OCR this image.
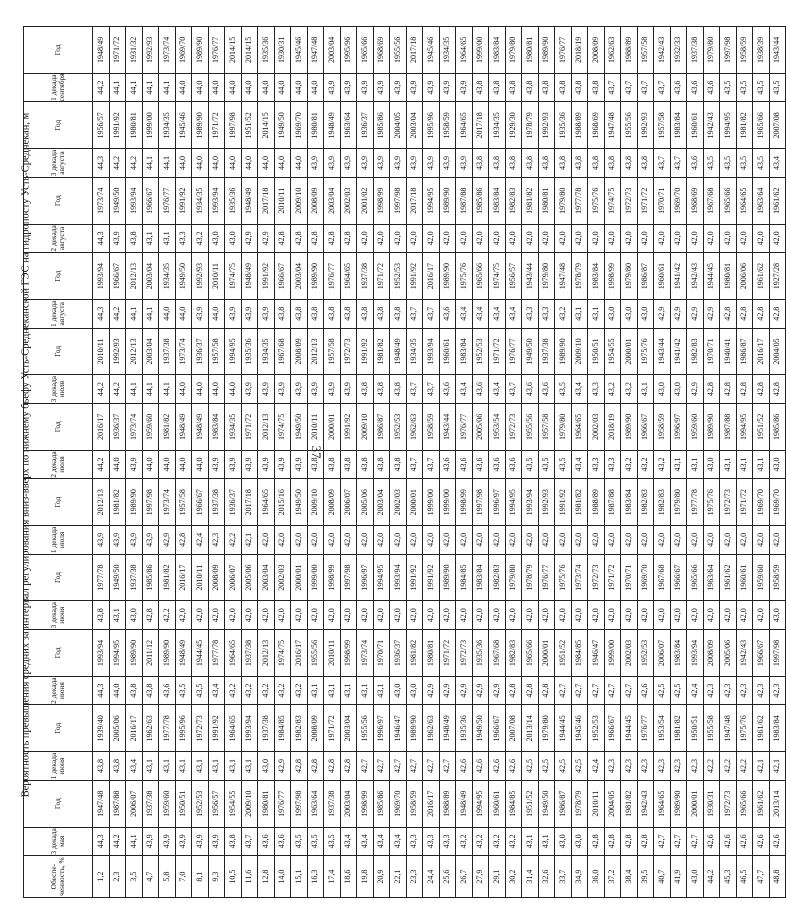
37
Вероятность превышения средних за интервал регулирования вниз-вверх по нижнему бьефу Усть-Среднеканской ГЭС на гидропосту Усть-Среднекан, м
Обеспе- ченность, %	3 декада мая	Год	1 декада июня	Год	2 декада июня	Год	3 декада июня	Год	1 декада июля	Год	2 декада июля	Год	3 декада июля	Год	1 декада августа	Год	2 декада августа	Год	3 декада августа	Год	1 декада сентября	Год
1,2	44,3	1947/48	43,8	1939/40	44,3	1993/94	43,8	1977/78	43,9	2012/13	44,2	2016/17	44,2	2010/11	44,3	1993/94	44,3	1973/74	44,3	1956/57	44,2	1948/49
2,3	44,2	1987/88	43,8	2005/06	44,0	1994/95	43,1	1949/50	43,9	1981/82	44,0	1936/37	44,2	1992/93	44,2	1966/67	43,9	1949/50	44,2	1991/92	44,1	1971/72
3,5	44,1	2006/07	43,4	2016/17	43,8	1989/90	43,0	1937/38	43,9	1989/90	43,9	1973/74	44,1	2012/13	44,1	2012/13	43,8	1993/94	44,2	1980/81	44,1	1931/32
4,7	43,9	1937/38	43,1	1962/63	43,8	2011/12	42,8	1985/86	43,9	1997/98	44,0	1959/60	44,1	2003/04	44,1	2003/04	43,1	1966/67	44,1	1999/00	44,1	1992/93
5,8	43,9	1959/60	43,1	1977/78	43,6	1989/90	42,2	1981/82	42,9	1973/74	44,0	1981/82	44,1	1937/38	44,0	1934/35	43,1	1976/77	44,1	1934/35	44,1	1973/74
7,0	43,9	1950/51	43,1	1995/96	43,5	1948/49	42,0	2016/17	42,8	1957/58	44,0	1948/49	44,0	1973/74	44,0	1949/50	43,3	1991/92	44,0	1945/46	44,0	1969/70
8,1	43,9	1952/53	43,1	1972/73	43,5	1944/45	42,0	2010/11	42,4	1966/67	44,0	1948/49	44,0	1936/37	43,9	1992/93	43,2	1934/35	44,0	1989/90	44,0	1989/90
9,3	43,9	1956/57	43,1	1991/92	43,4	1977/78	42,0	2008/09	42,3	1937/38	43,9	1983/84	44,0	1957/58	44,0	2010/11	43,0	1993/94	44,0	1971/72	44,0	1976/77
10,5	43,8	1954/55	43,1	1964/65	43,2	1964/65	42,0	2006/07	42,2	1936/37	43,9	1934/35	44,0	1994/95	43,9	1974/75	43,0	1935/36	44,0	1997/98	44,0	2014/15
11,6	43,7	2009/10	43,1	1993/94	43,2	1937/38	42,0	2005/06	42,1	2017/18	43,9	1971/72	43,9	1935/36	43,9	1948/49	42,9	1948/49	44,0	1951/52	44,0	2014/15
12,8	43,6	1980/81	43,0	1937/38	43,2	2012/13	42,0	2003/04	42,0	1964/65	43,9	2012/13	43,9	1934/35	43,9	1991/92	42,9	2017/18	44,0	2014/15	44,0	1935/36
14,0	43,6	1976/77	42,9	1984/85	43,2	1974/75	42,0	2002/03	42,0	2015/16	43,9	1974/75	43,9	1967/68	43,8	1966/67	42,8	2010/11	44,0	1949/50	44,0	1930/31
15,1	43,5	1997/98	42,8	1982/83	43,2	2016/17	42,0	2000/01	42,0	1949/50	43,9	1949/50	43,9	2008/09	43,8	2003/04	42,8	2009/10	44,0	1969/70	44,0	1945/46
16,3	43,5	1963/64	42,8	2008/09	43,1	1955/56	42,0	1999/00	42,0	2009/10	43,8	2010/11	43,9	2012/13	43,8	1989/90	42,8	2008/09	43,9	1980/81	44,0	1947/48
17,4	43,5	1937/38	42,8	1971/72	43,1	2010/11	42,0	1998/99	42,0	2008/09	43,8	2000/01	43,9	1957/58	43,8	1976/77	42,8	2003/04	43,9	1948/49	43,9	2003/04
18,6	43,4	2003/04	42,8	2003/04	43,1	1998/99	42,0	1997/98	42,0	2006/07	43,8	1991/92	43,9	1972/73	43,8	1964/65	42,8	2002/03	43,9	1963/64	43,9	1995/96
19,8	43,4	1998/99	42,7	1955/56	43,1	1973/74	42,0	1996/97	42,0	2005/06	43,8	2009/10	43,8	1991/92	43,8	1937/38	42,0	2001/02	43,9	1936/37	43,9	1965/66
20,9	43,4	1985/86	42,7	1996/97	43,1	1970/71	42,0	1994/95	42,0	2003/04	43,8	1986/87	43,8	1981/82	43,8	1971/72	42,0	1998/99	43,9	1985/86	43,9	1968/69
22,1	43,4	1969/70	42,7	1946/47	43,0	1936/37	42,0	1993/94	42,0	2002/03	43,8	1952/53	43,8	1948/49	43,8	1952/53	42,0	1997/98	43,9	2004/05	43,9	1955/56
23,3	43,3	1958/59	42,7	1989/90	43,0	1981/82	42,0	1991/92	42,0	2000/01	43,7	1962/63	43,7	1934/35	43,7	1991/92	42,0	2017/18	43,9	2003/04	43,9	2017/18
24,4	43,3	2016/17	42,7	1962/63	42,9	1980/81	42,0	1991/92	42,0	1999/00	43,7	1958/59	43,7	1993/94	43,7	2016/17	42,0	1994/95	43,9	1995/96	43,9	1945/46
25,6	43,3	1988/89	42,7	1948/49	42,9	1971/72	42,0	1989/90	42,0	1999/00	43,6	1943/44	43,6	1960/61	43,6	1989/90	42,0	1989/90	43,9	1958/59	43,9	1934/35
26,7	43,2	1948/49	42,6	1935/36	42,9	1972/73	42,0	1984/85	42,0	1998/99	43,6	1976/77	43,4	1983/84	43,4	1975/76	42,0	1987/88	43,9	1964/65	43,9	1964/65
27,9	43,2	1994/95	42,6	1949/50	42,9	1935/36	42,0	1983/84	42,0	1997/98	43,6	2005/06	43,6	1952/53	43,4	1965/66	42,0	1985/86	43,8	2017/18	43,8	1999/00
29,1	43,2	1960/61	42,6	1966/67	42,9	1967/68	42,0	1982/83	42,0	1996/97	43,6	1953/54	43,4	1971/72	43,4	1974/75	42,0	1983/84	43,8	1934/35	43,8	1983/84
30,2	43,2	1984/85	42,6	2007/08	42,8	1982/83	42,0	1979/80	42,0	1994/95	43,6	1972/73	43,7	1976/77	43,4	1956/57	42,0	1982/83	43,8	1929/30	43,8	1979/80
31,4	43,1	1951/52	42,5	2013/14	42,8	1965/66	42,0	1978/79	42,0	1993/94	43,5	1955/56	43,6	1949/50	43,3	1943/44	42,0	1981/82	43,8	1978/79	43,8	1980/81
32,6	43,1	1949/50	42,5	1979/80	42,8	2000/01	42,0	1976/77	42,0	1992/93	43,5	1957/58	43,6	1937/38	43,3	1979/80	42,0	1980/81	43,8	1992/93	43,8	1989/90
33,7	43,0	1986/87	42,5	1944/45	42,7	1951/52	42,0	1975/76	42,0	1991/92	43,5	1979/80	43,5	1989/90	43,2	1947/48	42,0	1979/80	43,8	1935/36	43,8	1976/77
34,9	43,0	1978/79	42,5	1945/46	42,7	1984/85	42,0	1973/74	42,0	1981/82	43,4	1964/65	43,4	2009/10	43,1	1978/79	42,0	1977/78	43,8	1988/89	43,8	2018/19
36,0	42,8	2010/11	42,4	1952/53	42,7	1946/47	42,0	1972/73	42,0	1988/89	43,3	2002/03	43,3	1950/51	43,1	1983/84	42,0	1975/76	43,8	1968/69	43,8	2008/09
37,2	42,8	2004/05	42,3	1966/67	42,7	1999/00	42,0	1971/72	42,0	1987/88	43,3	2018/19	43,2	1954/55	43,0	1998/99	42,0	1974/75	43,8	1947/48	43,7	1962/63
38,4	42,8	1981/82	42,3	1944/45	42,7	2002/03	42,0	1970/71	42,0	1983/84	43,2	1989/90	43,2	2000/01	43,0	1979/80	42,0	1972/73	43,8	1955/56	43,7	1988/89
39,5	42,8	1942/43	42,3	1976/77	42,6	1952/53	42,0	1969/70	42,0	1982/83	43,2	1966/67	43,1	1975/76	43,0	1986/87	42,0	1971/72	43,8	1992/93	43,7	1957/58
40,7	42,7	1964/65	42,3	1953/54	42,5	2006/07	42,0	1967/68	42,0	1982/83	43,2	1958/59	43,0	1943/44	42,9	1960/61	42,0	1970/71	43,7	1957/58	43,7	1942/43
41,9	42,7	1989/90	42,3	1981/82	42,5	1983/84	42,0	1966/67	42,0	1979/80	43,1	1996/97	43,0	1941/42	42,9	1941/42	42,0	1969/70	43,7	1983/84	43,6	1932/33
43,0	42,7	2000/01	42,3	1950/51	42,4	1993/94	42,0	1965/66	42,0	1977/78	43,1	1959/60	42,9	1982/83	42,9	1942/43	42,0	1968/69	43,6	1960/61	43,6	1937/38
44,2	42,6	1930/31	42,2	1955/58	42,3	2008/09	42,0	1963/64	42,0	1975/76	43,0	1989/90	42,8	1970/71	42,9	1944/45	42,0	1967/68	43,5	1942/43	43,6	1979/80
45,3	42,6	1972/73	42,2	1947/48	42,3	2005/06	42,0	1961/62	42,0	1972/73	43,1	1987/88	42,8	1940/41	42,8	1980/81	42,0	1965/66	43,5	1994/95	43,5	1997/98
46,5	42,6	1965/66	42,2	1975/76	42,3	1942/43	42,0	1960/61	42,0	1971/72	43,1	1994/95	42,8	1986/87	42,8	2006/06	42,0	1964/65	43,5	1981/82	43,5	1958/59
47,7	42,6	1961/62	42,1	1961/62	42,3	1966/67	42,0	1959/60	42,0	1969/70	43,1	1951/52	42,8	2016/17	42,8	1961/62	42,0	1963/64	43,5	1965/66	43,5	1938/39
48,8	42,6	2013/14	42,1	1983/84	42,3	1997/98	43,0	1958/59	42,0	1969/70	43,0	1985/86	42,8	2004/05	42,8	1927/28	42,0	1961/62	43,4	2007/08	43,5	1943/44
